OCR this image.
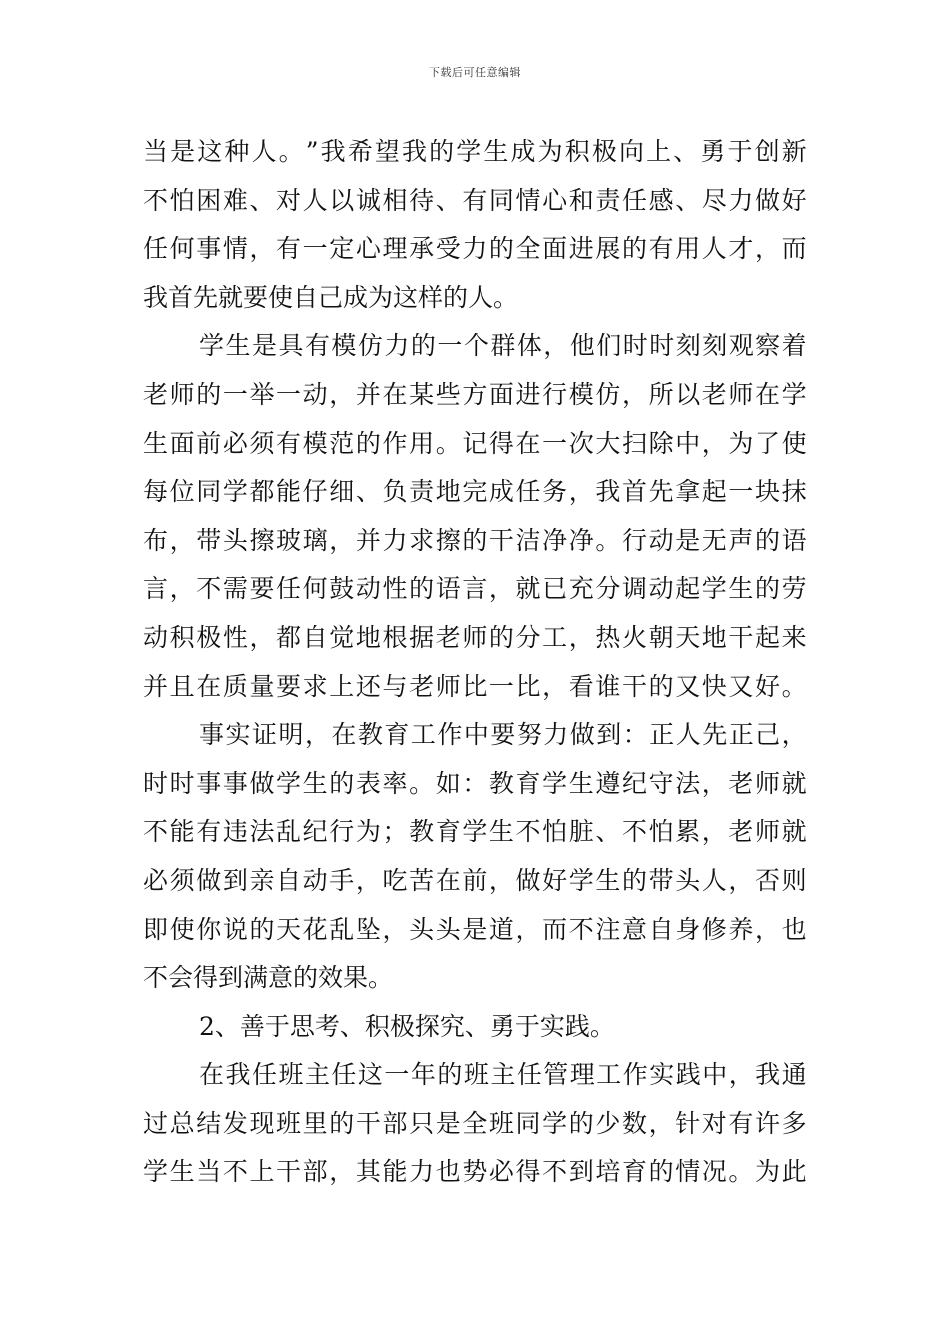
下载后可任意编辑
当 是 这 种 人 。 ” 我 希 望 我 的 学 生 成 为 积 极 向 上 、 勇 于 创 新
不 怕 困 难 、 对 人 以 诚 相 待 、 有 同 情 心 和 责 任 感 、 尽 力 做 好
任 何 事 情 ， 有 一 定 心 理 承 受 力 的 全 面 进 展 的 有 用 人 才 ， 而
我首先就要使自己成为这样的人。
学 生 是 具 有 模 仿 力 的 一 个 群 体 ， 他 们 时 时 刻 刻 观 察 着
老 师 的 一 举 一 动 ， 并 在 某 些 方 面 进 行 模 仿 ， 所 以 老 师 在 学
生 面 前 必 须 有 模 范 的 作 用 。 记 得 在 一 次 大 扫 除 中 ， 为 了 使
每 位 同 学 都 能 仔 细 、 负 责 地 完 成 任 务 ， 我 首 先 拿 起 一 块 抹
布 ， 带 头 擦 玻 璃 ， 并 力 求 擦 的 干 洁 净 净 。 行 动 是 无 声 的 语
言 ， 不 需 要 任 何 鼓 动 性 的 语 言 ， 就 已 充 分 调 动 起 学 生 的 劳
动 积 极 性 ， 都 自 觉 地 根 据 老 师 的 分 工 ， 热 火 朝 天 地 干 起 来
并 且 在 质 量 要 求 上 还 与 老 师 比 一 比 ， 看 谁 干 的 又 快 又 好 。
事 实 证 明 ， 在 教 育 工 作 中 要 努 力 做 到 ： 正 人 先 正 己 ，
时 时 事 事 做 学 生 的 表 率 。 如 ： 教 育 学 生 遵 纪 守 法 ， 老 师 就
不 能 有 违 法 乱 纪 行 为 ； 教 育 学 生 不 怕 脏 、 不 怕 累 ， 老 师 就
必 须 做 到 亲 自 动 手 ， 吃 苦 在 前 ， 做 好 学 生 的 带 头 人 ， 否 则
即 使 你 说 的 天 花 乱 坠 ， 头 头 是 道 ， 而 不 注 意 自 身 修 养 ， 也
不会得到满意的效果。
2、善于思考、积极探究、勇于实践。
在 我 任 班 主 任 这 一 年 的 班 主 任 管 理 工 作 实 践 中 ， 我 通
过 总 结 发 现 班 里 的 干 部 只 是 全 班 同 学 的 少 数 ， 针 对 有 许 多
学 生 当 不 上 干 部 ， 其 能 力 也 势 必 得 不 到 培 育 的 情 况 。 为 此
